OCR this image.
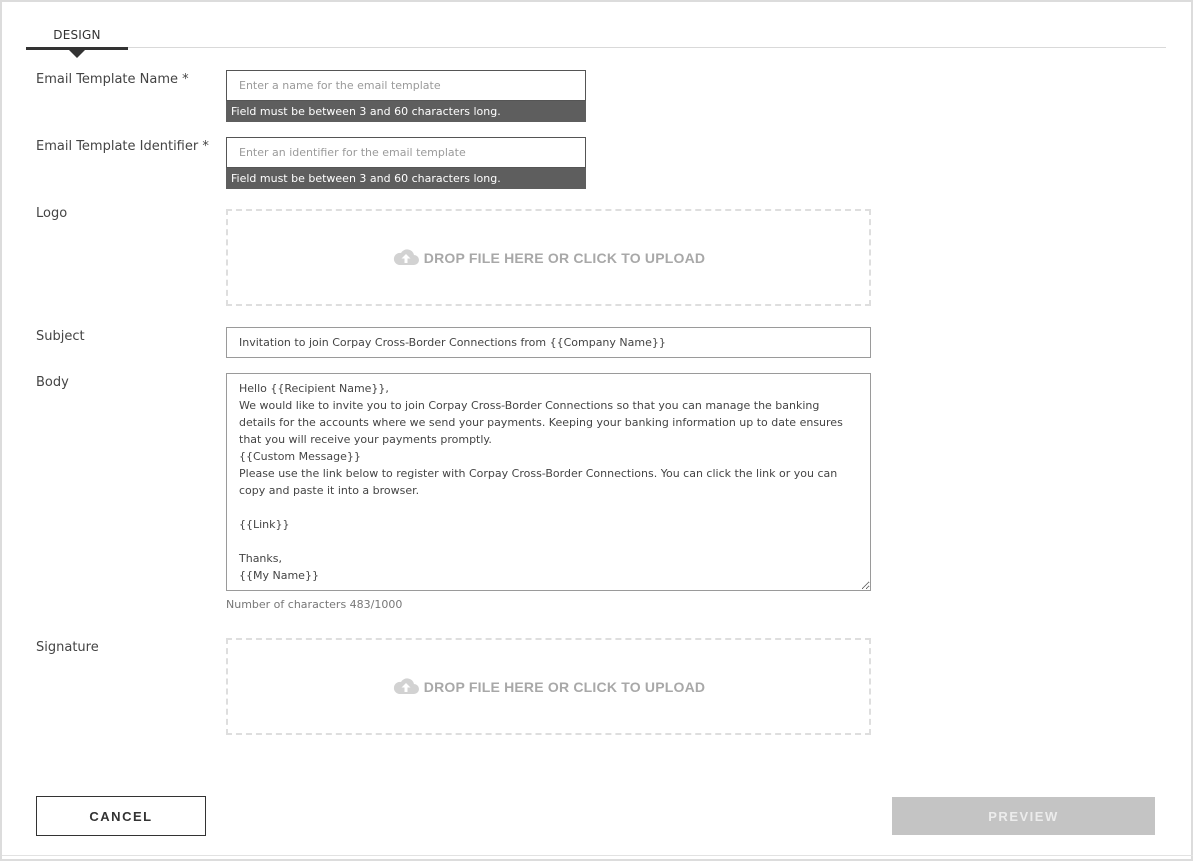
DESIGN
Email Template Name *
Enter a name for the email template
Field must be between 3 and 60 characters long.
Email Template Identifier *
Enter an identifier for the email template
Field must be between 3 and 60 characters long.
Logo
DROP FILE HERE OR CLICK TO UPLOAD
Subject
Invitation to join Corpay Cross-Border Connections from {{Company Name}}
Body
Hello {{Recipient Name}}, We would like to invite you to join Corpay Cross-Border Connections so that you can manage the banking details for the accounts where we send your payments. Keeping your banking information up to date ensures that you will receive your payments promptly. {{Custom Message}} Please use the link below to register with Corpay Cross-Border Connections. You can click the link or you can copy and paste it into a browser. {{Link}} Thanks, {{My Name}}
Number of characters 483/1000
Signature
DROP FILE HERE OR CLICK TO UPLOAD
CANCEL	PREVIEW
